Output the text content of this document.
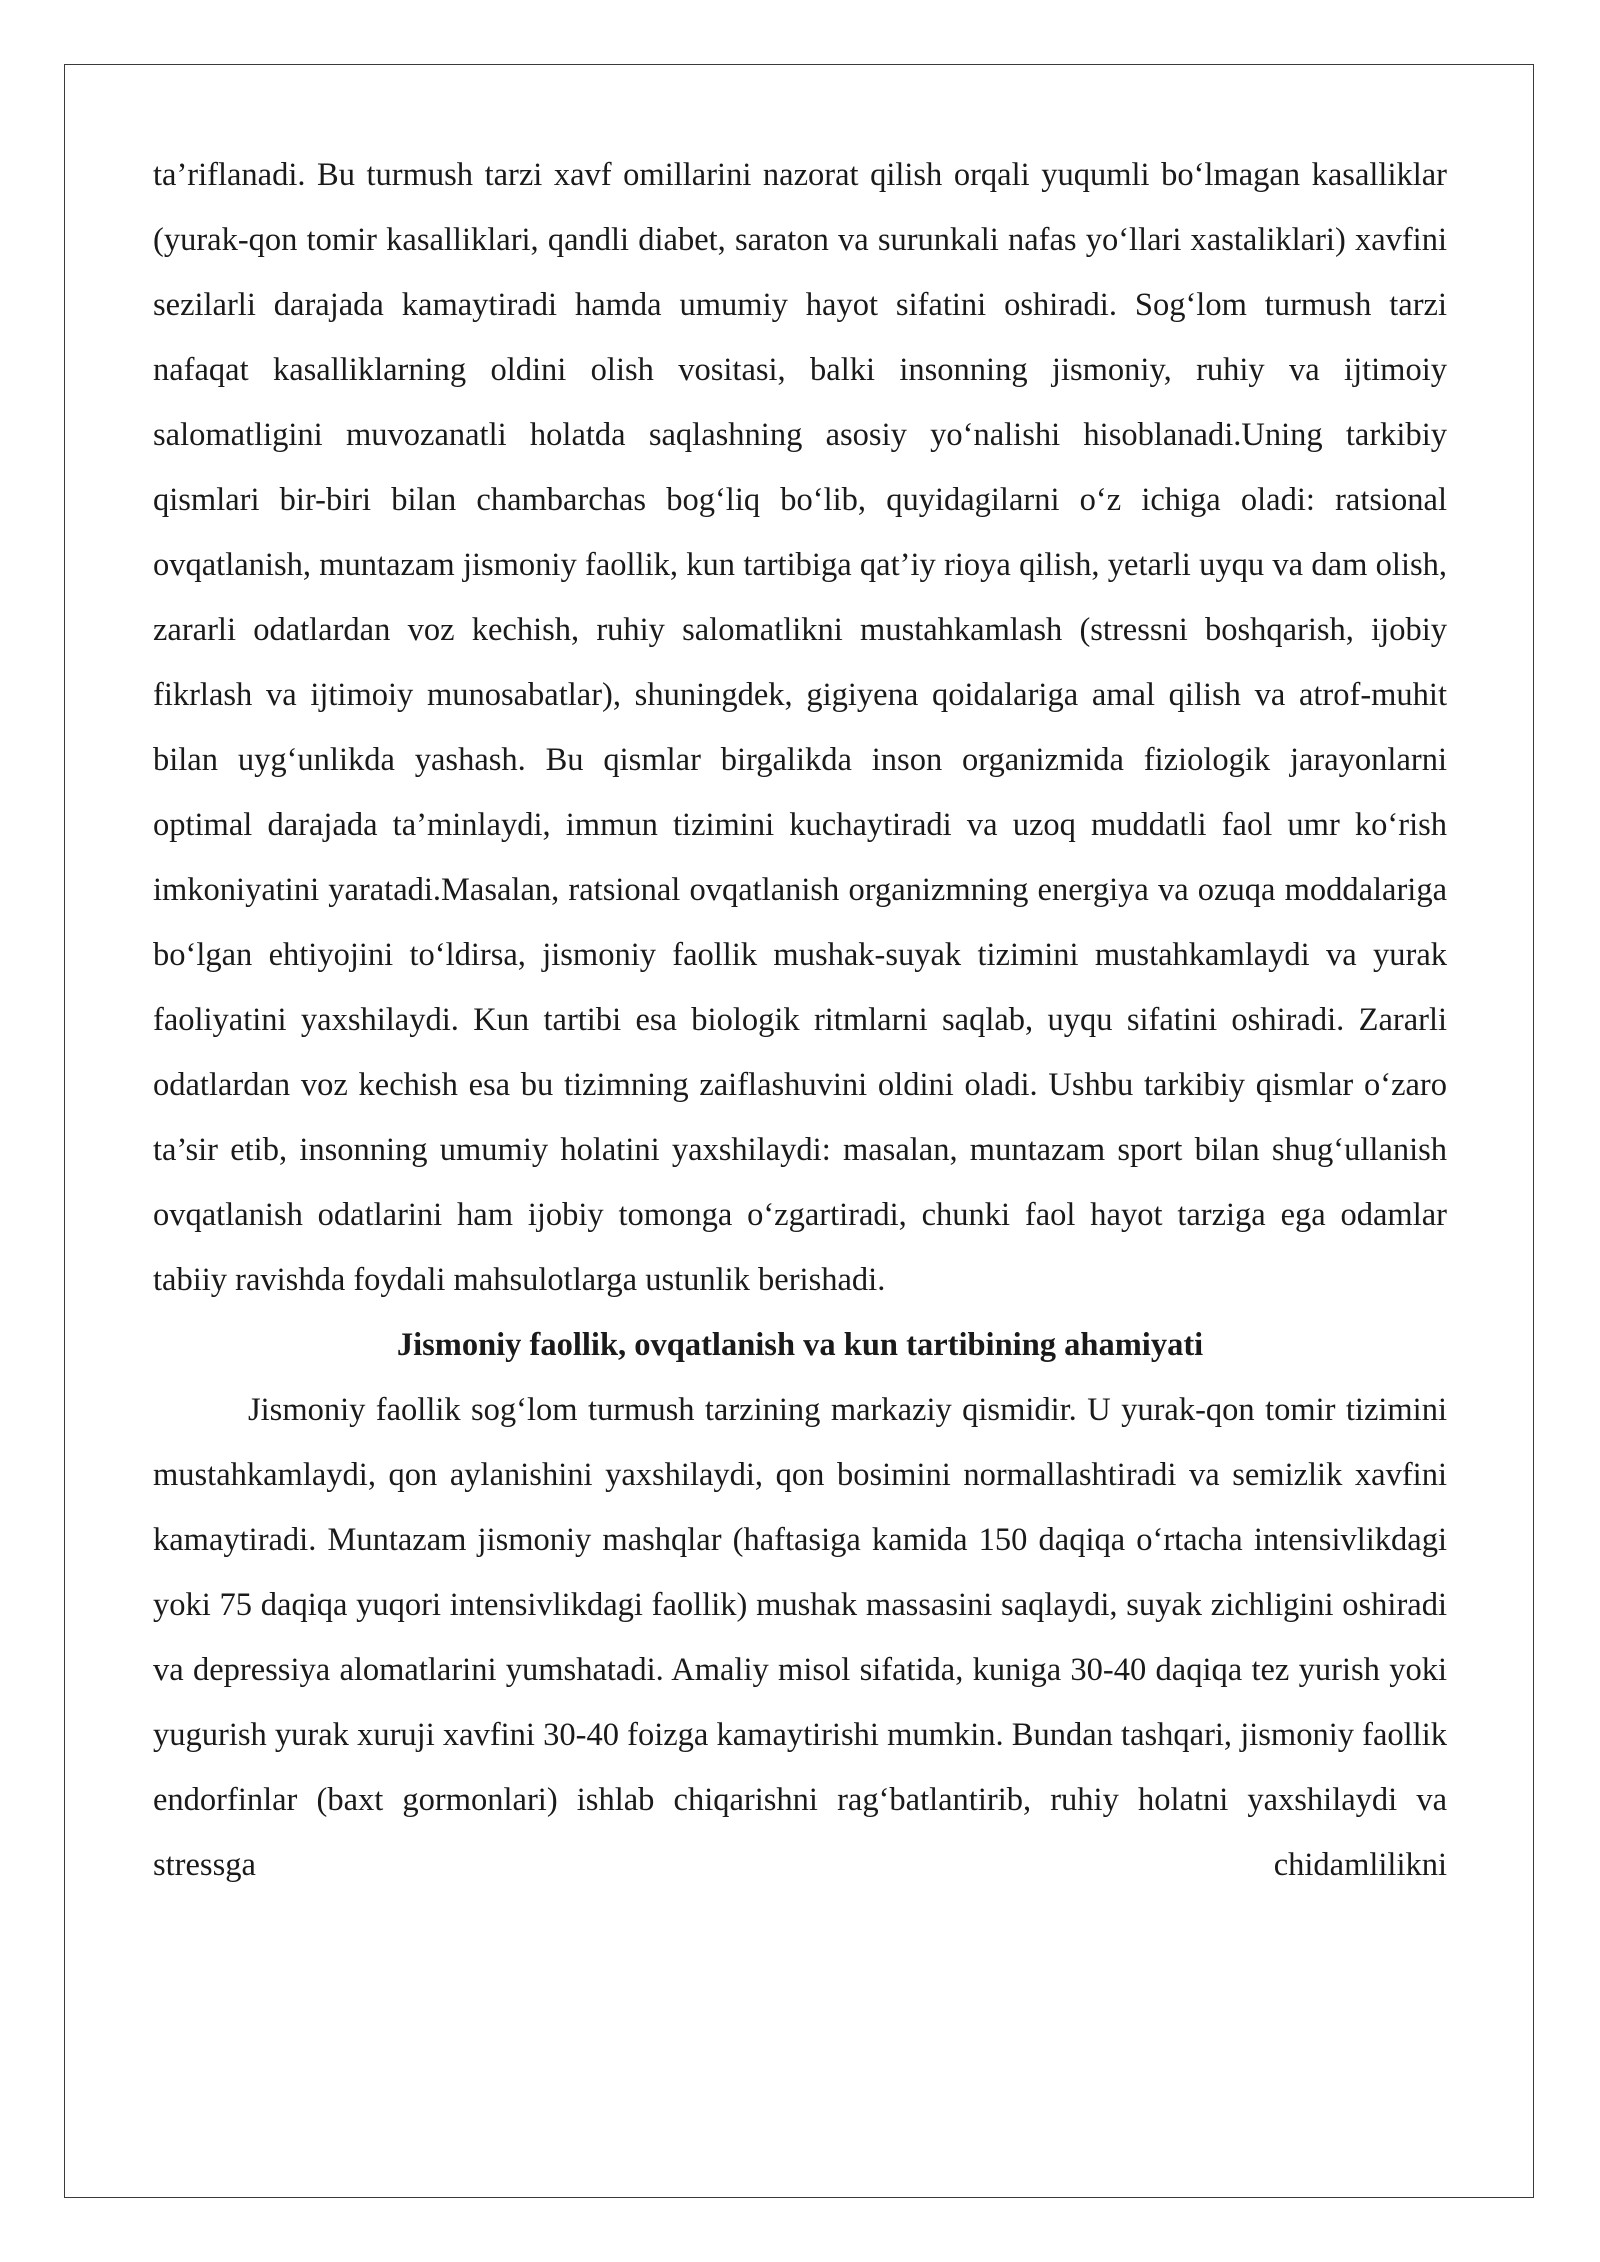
ta’riflanadi. Bu turmush tarzi xavf omillarini nazorat qilish orqali yuqumli bo‘lmagan kasalliklar (yurak-qon tomir kasalliklari, qandli diabet, saraton va surunkali nafas yo‘llari xastaliklari) xavfini sezilarli darajada kamaytiradi hamda umumiy hayot sifatini oshiradi. Sog‘lom turmush tarzi nafaqat kasalliklarning oldini olish vositasi, balki insonning jismoniy, ruhiy va ijtimoiy salomatligini muvozanatli holatda saqlashning asosiy yo‘nalishi hisoblanadi.Uning tarkibiy qismlari bir-biri bilan chambarchas bog‘liq bo‘lib, quyidagilarni o‘z ichiga oladi: ratsional ovqatlanish, muntazam jismoniy faollik, kun tartibiga qat’iy rioya qilish, yetarli uyqu va dam olish, zararli odatlardan voz kechish, ruhiy salomatlikni mustahkamlash (stressni boshqarish, ijobiy fikrlash va ijtimoiy munosabatlar), shuningdek, gigiyena qoidalariga amal qilish va atrof-muhit bilan uyg‘unlikda yashash. Bu qismlar birgalikda inson organizmida fiziologik jarayonlarni optimal darajada ta’minlaydi, immun tizimini kuchaytiradi va uzoq muddatli faol umr ko‘rish imkoniyatini yaratadi.Masalan, ratsional ovqatlanish organizmning energiya va ozuqa moddalariga bo‘lgan ehtiyojini to‘ldirsa, jismoniy faollik mushak-suyak tizimini mustahkamlaydi va yurak faoliyatini yaxshilaydi. Kun tartibi esa biologik ritmlarni saqlab, uyqu sifatini oshiradi. Zararli odatlardan voz kechish esa bu tizimning zaiflashuvini oldini oladi. Ushbu tarkibiy qismlar o‘zaro ta’sir etib, insonning umumiy holatini yaxshilaydi: masalan, muntazam sport bilan shug‘ullanish ovqatlanish odatlarini ham ijobiy tomonga o‘zgartiradi, chunki faol hayot tarziga ega odamlar tabiiy ravishda foydali mahsulotlarga ustunlik berishadi.

Jismoniy faollik, ovqatlanish va kun tartibining ahamiyati

Jismoniy faollik sog‘lom turmush tarzining markaziy qismidir. U yurak-qon tomir tizimini mustahkamlaydi, qon aylanishini yaxshilaydi, qon bosimini normallashtiradi va semizlik xavfini kamaytiradi. Muntazam jismoniy mashqlar (haftasiga kamida 150 daqiqa o‘rtacha intensivlikdagi yoki 75 daqiqa yuqori intensivlikdagi faollik) mushak massasini saqlaydi, suyak zichligini oshiradi va depressiya alomatlarini yumshatadi. Amaliy misol sifatida, kuniga 30-40 daqiqa tez yurish yoki yugurish yurak xuruji xavfini 30-40 foizga kamaytirishi mumkin. Bundan tashqari, jismoniy faollik endorfinlar (baxt gormonlari) ishlab chiqarishni rag‘batlantirib, ruhiy holatni yaxshilaydi va stressga chidamlilikni
